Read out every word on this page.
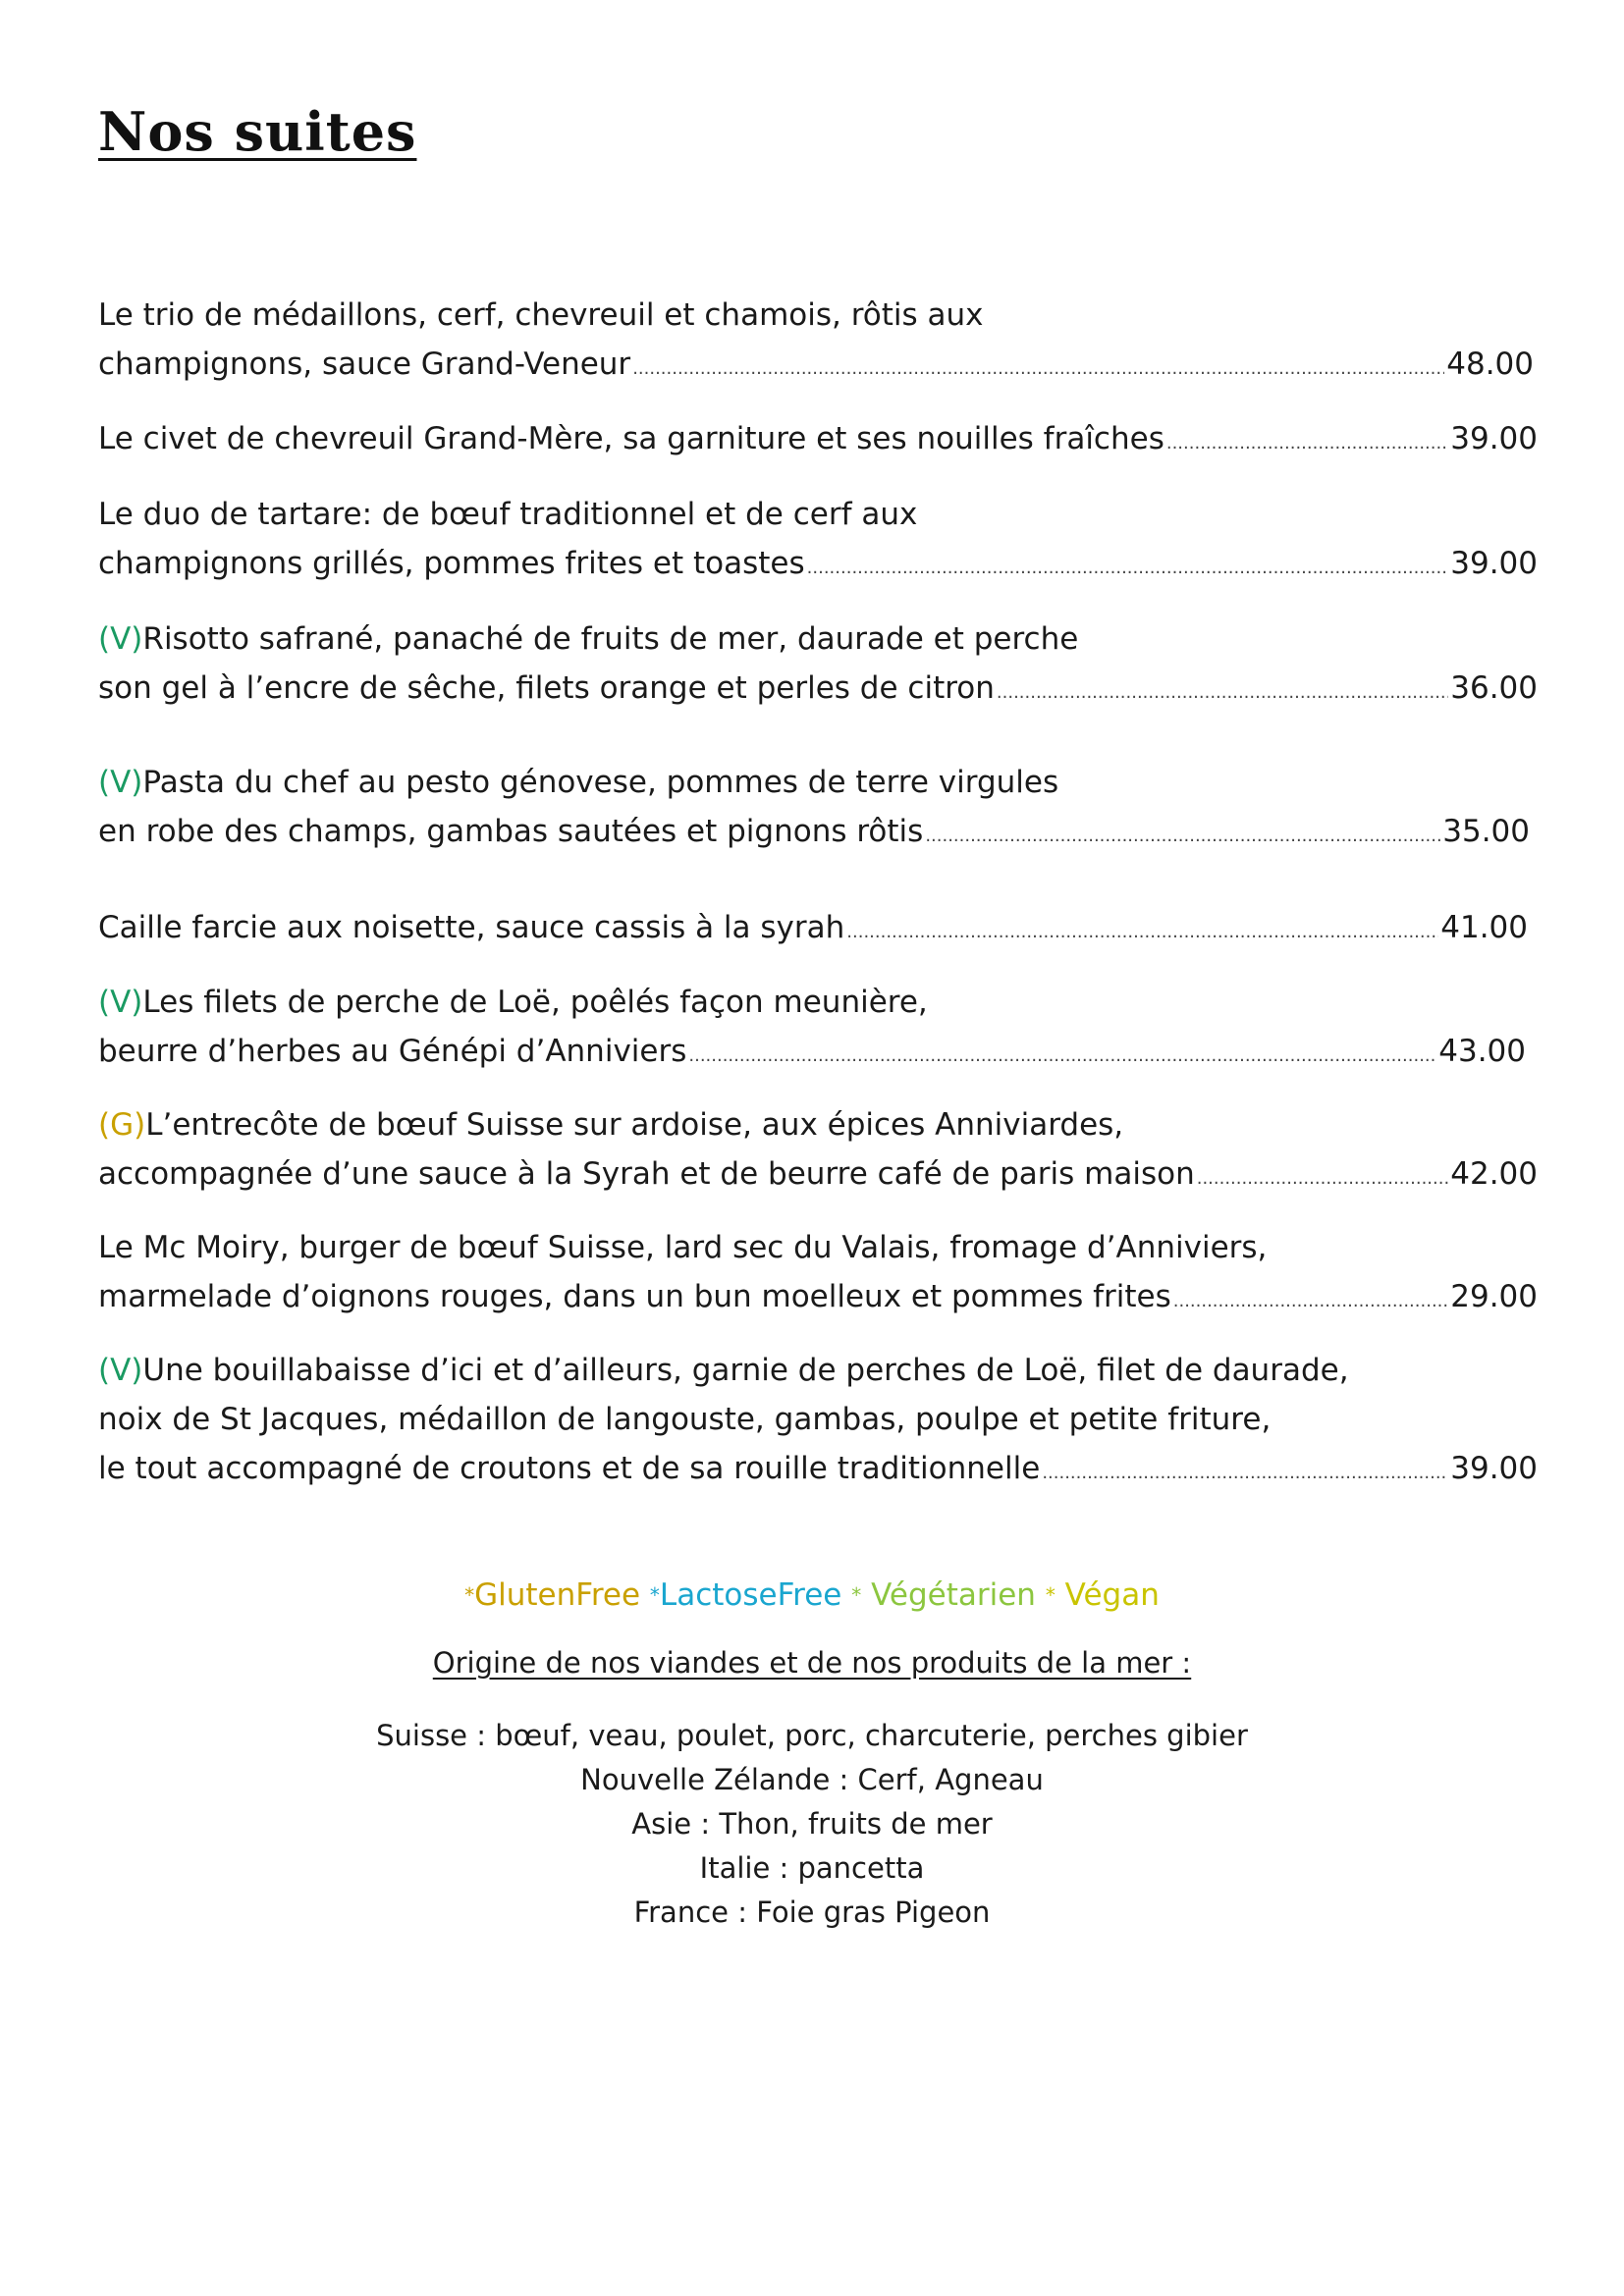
Nos suites
Le trio de médaillons, cerf, chevreuil et chamois, rôtis aux
champignons, sauce Grand-Veneur .....	48.00
Le civet de chevreuil Grand-Mère, sa garniture et ses nouilles fraîches .....	39.00
Le duo de tartare: de bœuf traditionnel et de cerf aux
champignons grillés, pommes frites et toastes .....	39.00
(V) Risotto safrané, panaché de fruits de mer, daurade et perche
son gel à l’encre de sêche, filets orange et perles de citron .....	36.00
(V) Pasta du chef au pesto génovese, pommes de terre virgules
en robe des champs, gambas sautées et pignons rôtis .....	35.00
Caille farcie aux noisette, sauce cassis à la syrah .....	41.00
(V) Les filets de perche de Loë, poêlés façon meunière,
beurre d’herbes au Génépi d’Anniviers .....	43.00
(G) L’entrecôte de bœuf Suisse sur ardoise, aux épices Anniviardes,
accompagnée d’une sauce à la Syrah et de beurre café de paris maison .....	42.00
Le Mc Moiry, burger de bœuf Suisse, lard sec du Valais, fromage d’Anniviers,
marmelade d’oignons rouges, dans un bun moelleux et pommes frites .....	29.00
(V) Une bouillabaisse d’ici et d’ailleurs, garnie de perches de Loë, filet de daurade,
noix de St Jacques, médaillon de langouste, gambas, poulpe et petite friture,
le tout accompagné de croutons et de sa rouille traditionnelle .....	39.00
*GlutenFree *LactoseFree * Végétarien * Végan
Origine de nos viandes et de nos produits de la mer :
Suisse : bœuf, veau, poulet, porc, charcuterie, perches gibier
Nouvelle Zélande : Cerf, Agneau
Asie : Thon, fruits de mer
Italie : pancetta
France : Foie gras Pigeon
